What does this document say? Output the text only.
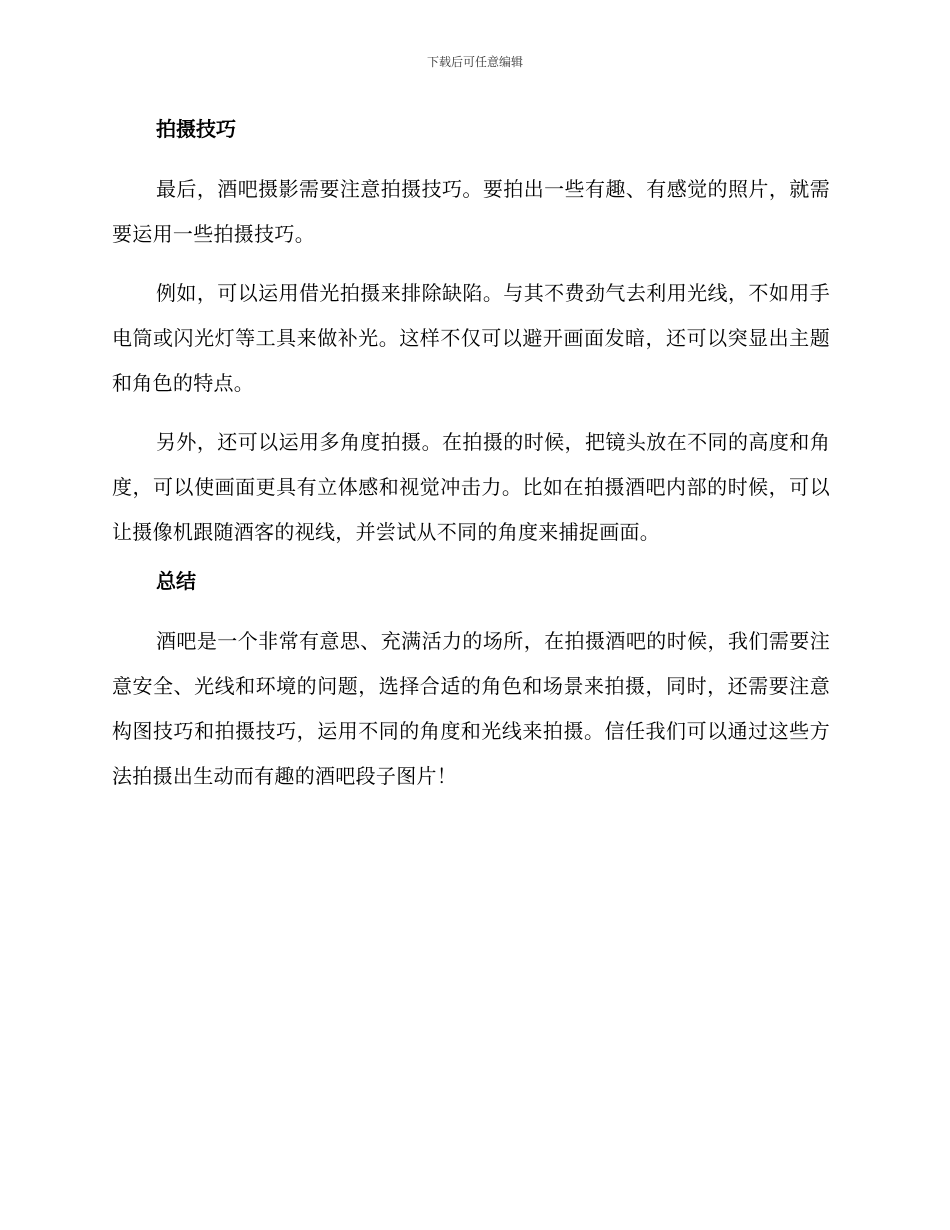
下载后可任意编辑
拍摄技巧

最后，酒吧摄影需要注意拍摄技巧。要拍出一些有趣、有感觉的照片，就需要运用一些拍摄技巧。

例如，可以运用借光拍摄来排除缺陷。与其不费劲气去利用光线，不如用手电筒或闪光灯等工具来做补光。这样不仅可以避开画面发暗，还可以突显出主题和角色的特点。

另外，还可以运用多角度拍摄。在拍摄的时候，把镜头放在不同的高度和角度，可以使画面更具有立体感和视觉冲击力。比如在拍摄酒吧内部的时候，可以让摄像机跟随酒客的视线，并尝试从不同的角度来捕捉画面。

总结

酒吧是一个非常有意思、充满活力的场所，在拍摄酒吧的时候，我们需要注意安全、光线和环境的问题，选择合适的角色和场景来拍摄，同时，还需要注意构图技巧和拍摄技巧，运用不同的角度和光线来拍摄。信任我们可以通过这些方法拍摄出生动而有趣的酒吧段子图片！
